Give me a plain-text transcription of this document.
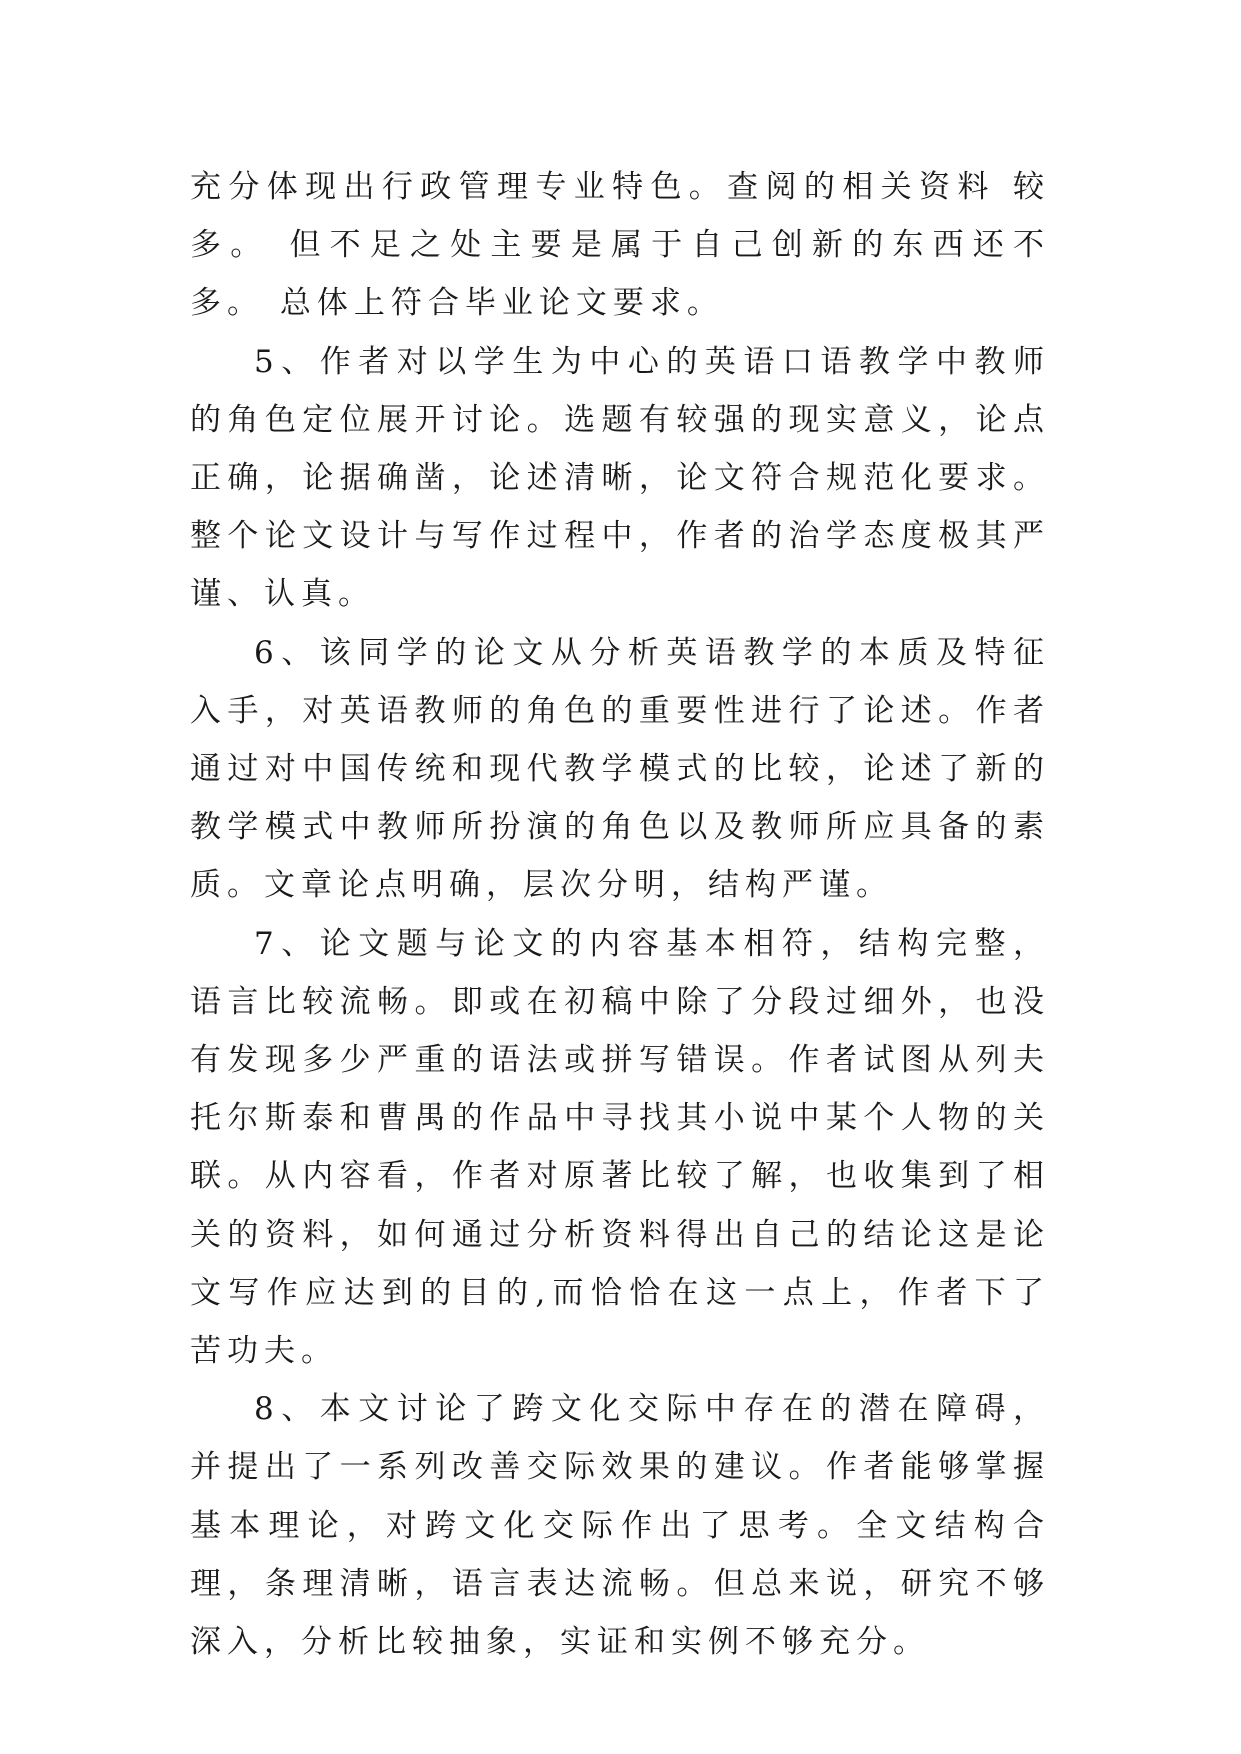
充分体现出行政管理专业特色。查阅的相关资料 较多。 但不足之处主要是属于自己创新的东西还不多。 总体上符合毕业论文要求。

5、作者对以学生为中心的英语口语教学中教师的角色定位展开讨论。选题有较强的现实意义，论点正确，论据确凿，论述清晰，论文符合规范化要求。整个论文设计与写作过程中，作者的治学态度极其严谨、认真。

6、该同学的论文从分析英语教学的本质及特征入手，对英语教师的角色的重要性进行了论述。作者通过对中国传统和现代教学模式的比较，论述了新的教学模式中教师所扮演的角色以及教师所应具备的素质。文章论点明确，层次分明，结构严谨。

7、论文题与论文的内容基本相符，结构完整，语言比较流畅。即或在初稿中除了分段过细外，也没有发现多少严重的语法或拼写错误。作者试图从列夫托尔斯泰和曹禺的作品中寻找其小说中某个人物的关联。从内容看，作者对原著比较了解，也收集到了相关的资料，如何通过分析资料得出自己的结论这是论文写作应达到的目的,而恰恰在这一点上，作者下了苦功夫。

8、本文讨论了跨文化交际中存在的潜在障碍，并提出了一系列改善交际效果的建议。作者能够掌握基本理论，对跨文化交际作出了思考。全文结构合理，条理清晰，语言表达流畅。但总来说，研究不够深入，分析比较抽象，实证和实例不够充分。
